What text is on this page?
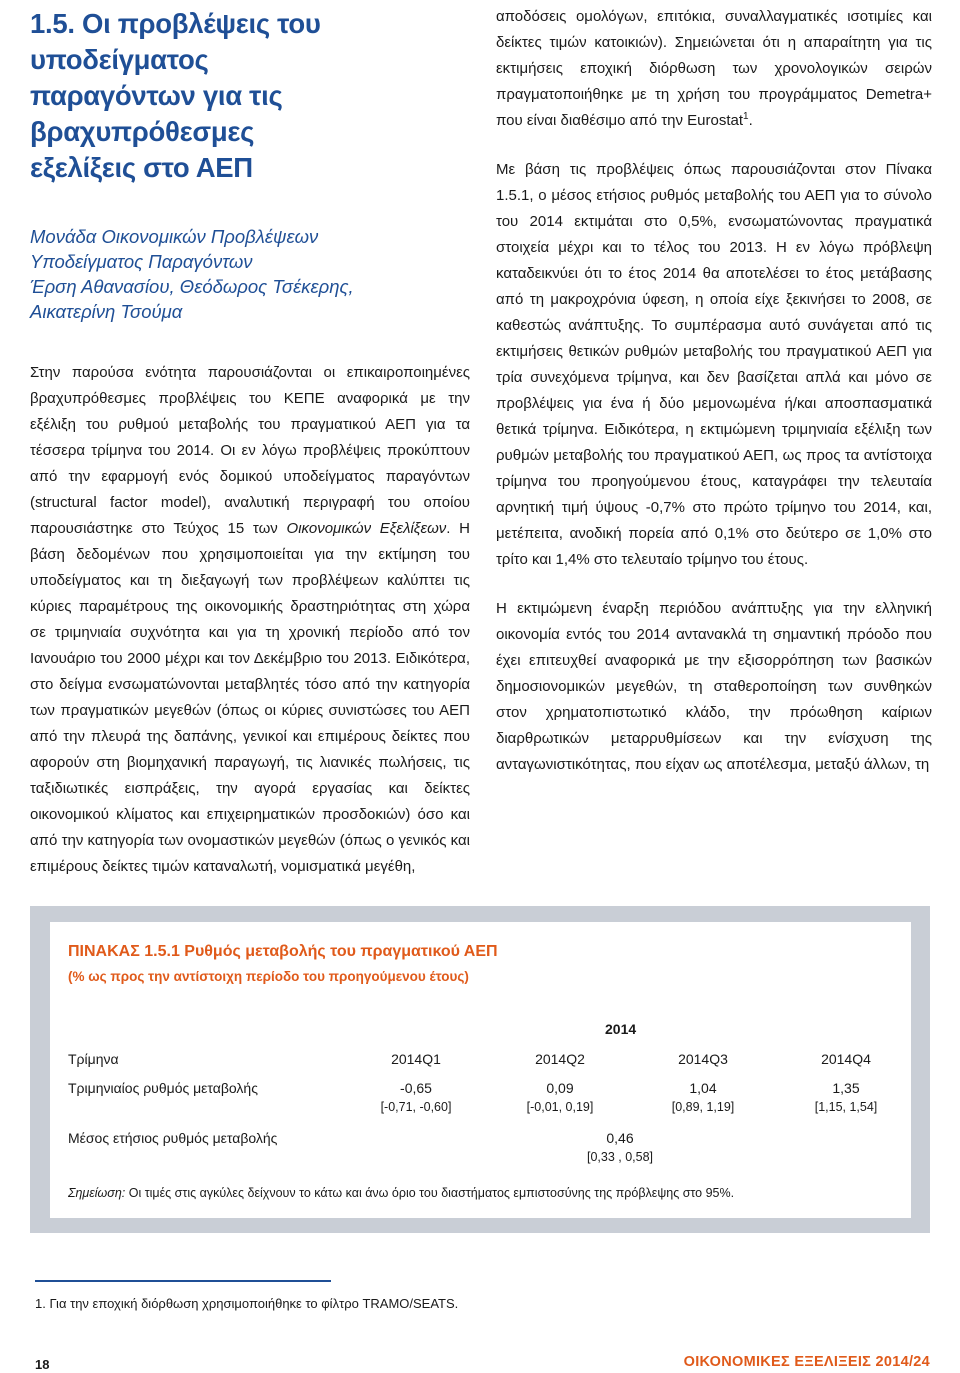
1.5. Οι προβλέψεις του υποδείγματος
παραγόντων για τις βραχυπρόθεσμες
εξελίξεις στο ΑΕΠ
Μονάδα Οικονομικών Προβλέψεων
Υποδείγματος Παραγόντων
Έρση Αθανασίου, Θεόδωρος Τσέκερης,
Αικατερίνη Τσούμα

Στην παρούσα ενότητα παρουσιάζονται οι επικαιροποιημένες βραχυπρόθεσμες προβλέψεις του ΚΕΠΕ αναφορικά με την εξέλιξη του ρυθμού μεταβολής του πραγματικού ΑΕΠ για τα τέσσερα τρίμηνα του 2014. Οι εν λόγω προβλέψεις προκύπτουν από την εφαρμογή ενός δομικού υποδείγματος παραγόντων (structural factor model), αναλυτική περιγραφή του οποίου παρουσιάστηκε στο Τεύχος 15 των Οικονομικών Εξελίξεων. Η βάση δεδομένων που χρησιμοποιείται για την εκτίμηση του υποδείγματος και τη διεξαγωγή των προβλέψεων καλύπτει τις κύριες παραμέτρους της οικονομικής δραστηριότητας στη χώρα σε τριμηνιαία συχνότητα και για τη χρονική περίοδο από τον Ιανουάριο του 2000 μέχρι και τον Δεκέμβριο του 2013. Ειδικότερα, στο δείγμα ενσωματώνονται μεταβλητές τόσο από την κατηγορία των πραγματικών μεγεθών (όπως οι κύριες συνιστώσες του ΑΕΠ από την πλευρά της δαπάνης, γενικοί και επιμέρους δείκτες που αφορούν στη βιομηχανική παραγωγή, τις λιανικές πωλήσεις, τις ταξιδιωτικές εισπράξεις, την αγορά εργασίας και δείκτες οικονομικού κλίματος και επιχειρηματικών προσδοκιών) όσο και από την κατηγορία των ονομαστικών μεγεθών (όπως ο γενικός και επιμέρους δείκτες τιμών καταναλωτή, νομισματικά μεγέθη,

αποδόσεις ομολόγων, επιτόκια, συναλλαγματικές ισοτιμίες και δείκτες τιμών κατοικιών). Σημειώνεται ότι η απαραίτητη για τις εκτιμήσεις εποχική διόρθωση των χρονολογικών σειρών πραγματοποιήθηκε με τη χρήση του προγράμματος Demetra+ που είναι διαθέσιμο από την Eurostat$^1$.

Με βάση τις προβλέψεις όπως παρουσιάζονται στον Πίνακα 1.5.1, ο μέσος ετήσιος ρυθμός μεταβολής του ΑΕΠ για το σύνολο του 2014 εκτιμάται στο 0,5%, ενσωματώνοντας πραγματικά στοιχεία μέχρι και το τέλος του 2013. Η εν λόγω πρόβλεψη καταδεικνύει ότι το έτος 2014 θα αποτελέσει το έτος μετάβασης από τη μακροχρόνια ύφεση, η οποία είχε ξεκινήσει το 2008, σε καθεστώς ανάπτυξης. Το συμπέρασμα αυτό συνάγεται από τις εκτιμήσεις θετικών ρυθμών μεταβολής του πραγματικού ΑΕΠ για τρία συνεχόμενα τρίμηνα, και δεν βασίζεται απλά και μόνο σε προβλέψεις για ένα ή δύο μεμονωμένα ή/και αποσπασματικά θετικά τρίμηνα. Ειδικότερα, η εκτιμώμενη τριμηνιαία εξέλιξη των ρυθμών μεταβολής του πραγματικού ΑΕΠ, ως προς τα αντίστοιχα τρίμηνα του προηγούμενου έτους, καταγράφει την τελευταία αρνητική τιμή ύψους -0,7% στο πρώτο τρίμηνο του 2014, και, μετέπειτα, ανοδική πορεία από 0,1% στο δεύτερο σε 1,0% στο τρίτο και 1,4% στο τελευταίο τρίμηνο του έτους.

Η εκτιμώμενη έναρξη περιόδου ανάπτυξης για την ελληνική οικονομία εντός του 2014 αντανακλά τη σημαντική πρόοδο που έχει επιτευχθεί αναφορικά με την εξισορρόπηση των βασικών δημοσιονομικών μεγεθών, τη σταθεροποίηση των συνθηκών στον χρηματοπιστωτικό κλάδο, την πρόωθηση καίριων διαρθρωτικών μεταρρυθμίσεων και την ενίσχυση της ανταγωνιστικότητας, που είχαν ως αποτέλεσμα, μεταξύ άλλων, τη

ΠΙΝΑΚΑΣ 1.5.1 Ρυθμός μεταβολής του πραγματικού ΑΕΠ

(% ως προς την αντίστοιχη περίοδο του προηγούμενου έτους)

2014
Τρίμηνα	2014Q1	2014Q2	2014Q3	2014Q4
Τριμηνιαίος ρυθμός μεταβολής	-0,65	0,09	1,04	1,35
[-0,71, -0,60]	[-0,01, 0,19]	[0,89, 1,19]	[1,15, 1,54]
Μέσος ετήσιος ρυθμός μεταβολής	0,46
[0,33 , 0,58]
Σημείωση: Οι τιμές στις αγκύλες δείχνουν το κάτω και άνω όριο του διαστήματος εμπιστοσύνης της πρόβλεψης στο 95%.
1. Για την εποχική διόρθωση χρησιμοποιήθηκε το φίλτρο TRAMO/SEATS.
18	ΟΙΚΟΝΟΜΙΚΕΣ ΕΞΕΛΙΞΕΙΣ 2014/24
